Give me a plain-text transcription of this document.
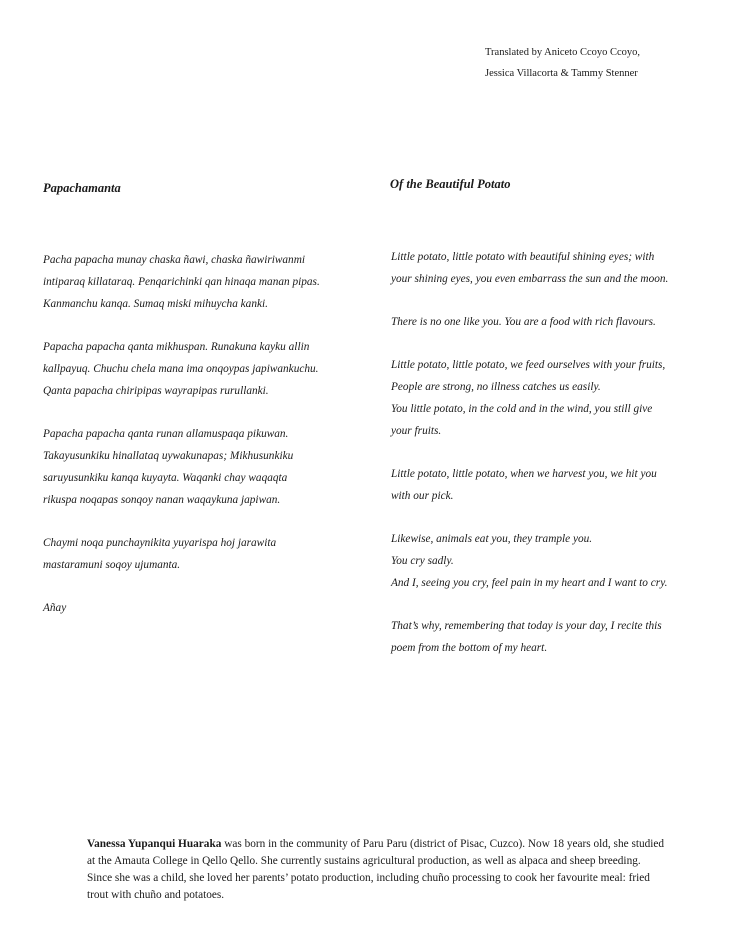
Translated by Aniceto Ccoyo Ccoyo,
Jessica Villacorta & Tammy Stenner
Papachamanta	Of the Beautiful Potato
Pacha papacha munay chaska ñawi, chaska ñawiriwanmi
intiparaq killataraq. Penqarichinki qan hinaqa manan pipas.
Kanmanchu kanqa. Sumaq miski mihuycha kanki.
Papacha papacha qanta mikhuspan. Runakuna kayku allin
kallpayuq. Chuchu chela mana ima onqoypas japiwankuchu.
Qanta papacha chiripipas wayrapipas rurullanki.
Papacha papacha qanta runan allamuspaqa pikuwan.
Takayusunkiku hinallataq uywakunapas; Mikhusunkiku
saruyusunkiku kanqa kuyayta. Waqanki chay waqaqta
rikuspa noqapas sonqoy nanan waqaykuna japiwan.
Chaymi noqa punchaynikita yuyarispa hoj jarawita
mastaramuni soqoy ujumanta.
Añay
Little potato, little potato with beautiful shining eyes; with
your shining eyes, you even embarrass the sun and the moon.
There is no one like you. You are a food with rich flavours.
Little potato, little potato, we feed ourselves with your fruits,
People are strong, no illness catches us easily.
You little potato, in the cold and in the wind, you still give
your fruits.
Little potato, little potato, when we harvest you, we hit you
with our pick.
Likewise, animals eat you, they trample you.
You cry sadly.
And I, seeing you cry, feel pain in my heart and I want to cry.
That’s why, remembering that today is your day, I recite this
poem from the bottom of my heart.
Vanessa Yupanqui Huaraka was born in the community of Paru Paru (district of Pisac, Cuzco). Now 18 years old, she studied at the Amauta College in Qello Qello. She currently sustains agricultural production, as well as alpaca and sheep breeding. Since she was a child, she loved her parents’ potato production, including chuño processing to cook her favourite meal: fried trout with chuño and potatoes.
